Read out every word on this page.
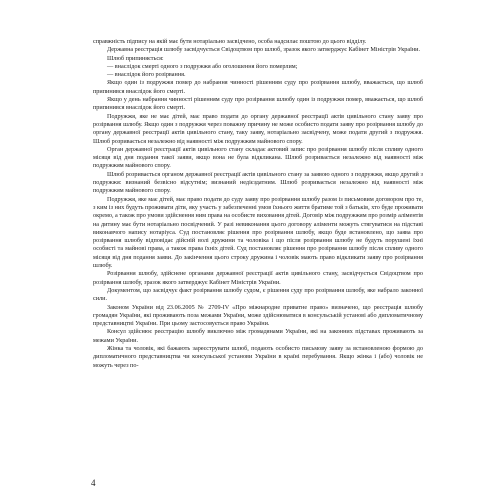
справжність підпису на якій має бути нотаріально засвідчено, особа надсилає поштою до цього відділу.

Державна реєстрація шлюбу засвідчується Свідоцтвом про шлюб, зразок якого затверджує Кабінет Міністрів України.

Шлюб припиняється:

— внаслідок смерті одного з подружжя або оголошення його померлим;

— внаслідок його розірвання.

Якщо один із подружжя помер до набрання чинності рішенням суду про розірвання шлюбу, вважається, що шлюб припинився внаслідок його смерті.

Якщо у день набрання чинності рішенням суду про розірвання шлюбу один із подружжя помер, вважається, що шлюб припинився внаслідок його смерті.

Подружжя, яке не має дітей, має право подати до органу державної реєстрації актів цивільного стану заяву про розірвання шлюбу. Якщо один з подружжя через поважну причину не може особисто подати заяву про розірвання шлюбу до органу державної реєстрації актів цивільного стану, таку заяву, нотаріально засвідчену, може подати другий з подружжя. Шлюб розривається незалежно від наявності між подружжям майнового спору.

Орган державної реєстрації актів цивільного стану складає актовий запис про розірвання шлюбу після спливу одного місяця від дня подання такої заяви, якщо вона не була відкликана. Шлюб розривається незалежно від наявності між подружжям майнового спору.

Шлюб розривається органом державної реєстрації актів цивільного стану за заявою одного з подружжя, якщо другий з подружжя: визнаний безвісно відсутнім; визнаний недієздатним. Шлюб розривається незалежно від наявності між подружжям майнового спору.

Подружжя, яке має дітей, має право подати до суду заяву про розірвання шлюбу разом із письмовим договором про те, з ким із них будуть проживати діти, яку участь у забезпеченні умов їхнього життя братиме той з батьків, хто буде проживати окремо, а також про умови здійснення ним права на особисте виховання дітей. Договір між подружжям про розмір аліментів на дитину має бути нотаріально посвідчений. У разі невиконання цього договору аліменти можуть стягуватися на підставі виконавчого напису нотаріуса. Суд постановляє рішення про розірвання шлюбу, якщо буде встановлено, що заява про розірвання шлюбу відповідає дійсній волі дружини та чоловіка і що після розірвання шлюбу не будуть порушені їхні особисті та майнові права, а також права їхніх дітей. Суд постановляє рішення про розірвання шлюбу після спливу одного місяця від дня подання заяви. До закінчення цього строку дружина і чоловік мають право відкликати заяву про розірвання шлюбу.

Розірвання шлюбу, здійснене органами державної реєстрації актів цивільного стану, засвідчується Свідоцтвом про розірвання шлюбу, зразок якого затверджує Кабінет Міністрів України.

Документом, що засвідчує факт розірвання шлюбу судом, є рішення суду про розірвання шлюбу, яке набрало законної сили.

Законом України від 23.06.2005 № 2709-IV «Про міжнародне приватне право» визначено, що реєстрація шлюбу громадян України, які проживають поза межами України, може здійснюватися в консульській установі або дипломатичному представництві України. При цьому застосовується право України.

Консул здійснює реєстрацію шлюбу виключно між громадянами України, які на законних підставах проживають за межами України.

Жінка та чоловік, які бажають зареєструвати шлюб, подають особисто письмову заяву за встановленою формою до дипломатичного представництва чи консульської установи України в країні перебування. Якщо жінка і (або) чоловік не можуть через по-

4
